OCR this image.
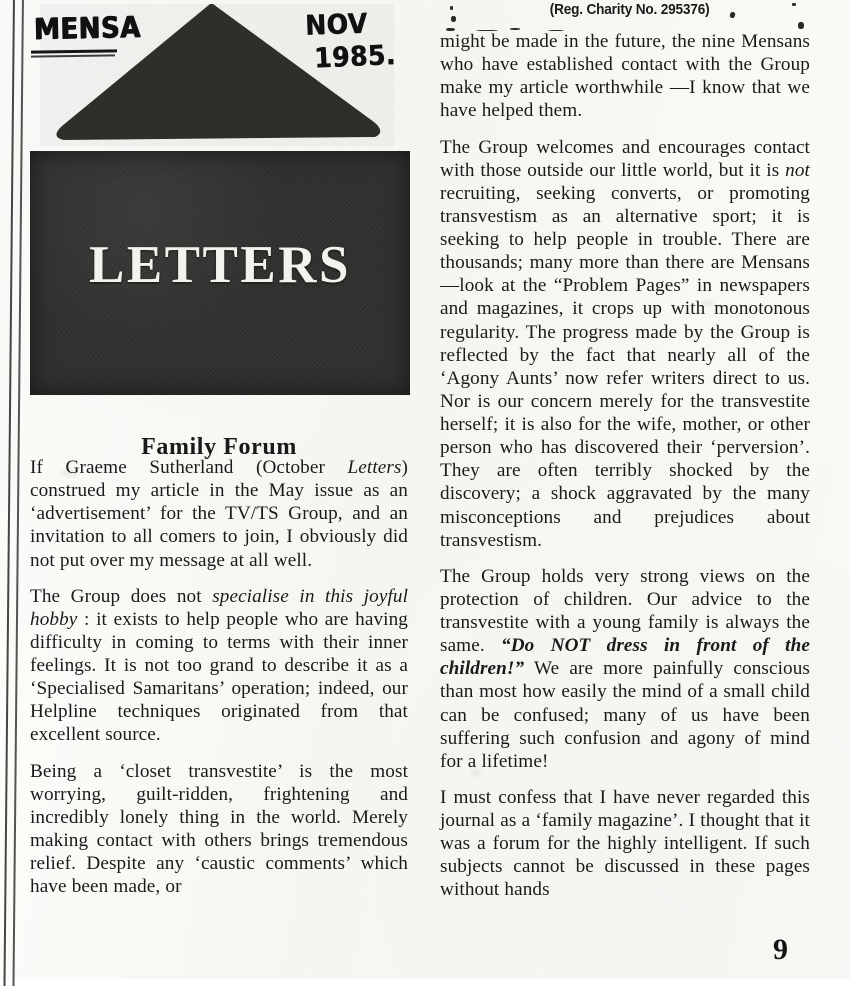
MENSA	NOV
1985.
LETTERS
Family Forum

If Graeme Sutherland (October Letters) construed my article in the May issue as an ‘advertisement’ for the TV/TS Group, and an invitation to all comers to join, I obviously did not put over my message at all well.

The Group does not specialise in this joyful hobby : it exists to help people who are having difficulty in coming to terms with their inner feelings. It is not too grand to describe it as a ‘Specialised Samaritans’ operation; indeed, our Helpline techniques originated from that excellent source.

Being a ‘closet transvestite’ is the most worrying, guilt-ridden, frightening and incredibly lonely thing in the world. Merely making contact with others brings tremendous relief. Despite any ‘caustic comments’ which have been made, or

(Reg. Charity No. 295376)

might be made in the future, the nine Mensans who have established contact with the Group make my article worthwhile —I know that we have helped them.

The Group welcomes and encourages contact with those outside our little world, but it is not recruiting, seeking converts, or promoting transvestism as an alternative sport; it is seeking to help people in trouble. There are thousands; many more than there are Mensans—look at the “Problem Pages” in newspapers and magazines, it crops up with monotonous regularity. The progress made by the Group is reflected by the fact that nearly all of the ‘Agony Aunts’ now refer writers direct to us. Nor is our concern merely for the transvestite herself; it is also for the wife, mother, or other person who has discovered their ‘perversion’. They are often terribly shocked by the discovery; a shock aggravated by the many misconceptions and prejudices about transvestism.

The Group holds very strong views on the protection of children. Our advice to the transvestite with a young family is always the same. “Do NOT dress in front of the children!” We are more painfully conscious than most how easily the mind of a small child can be confused; many of us have been suffering such confusion and agony of mind for a lifetime!

I must confess that I have never regarded this journal as a ‘family magazine’. I thought that it was a forum for the highly intelligent. If such subjects cannot be discussed in these pages without hands

9
